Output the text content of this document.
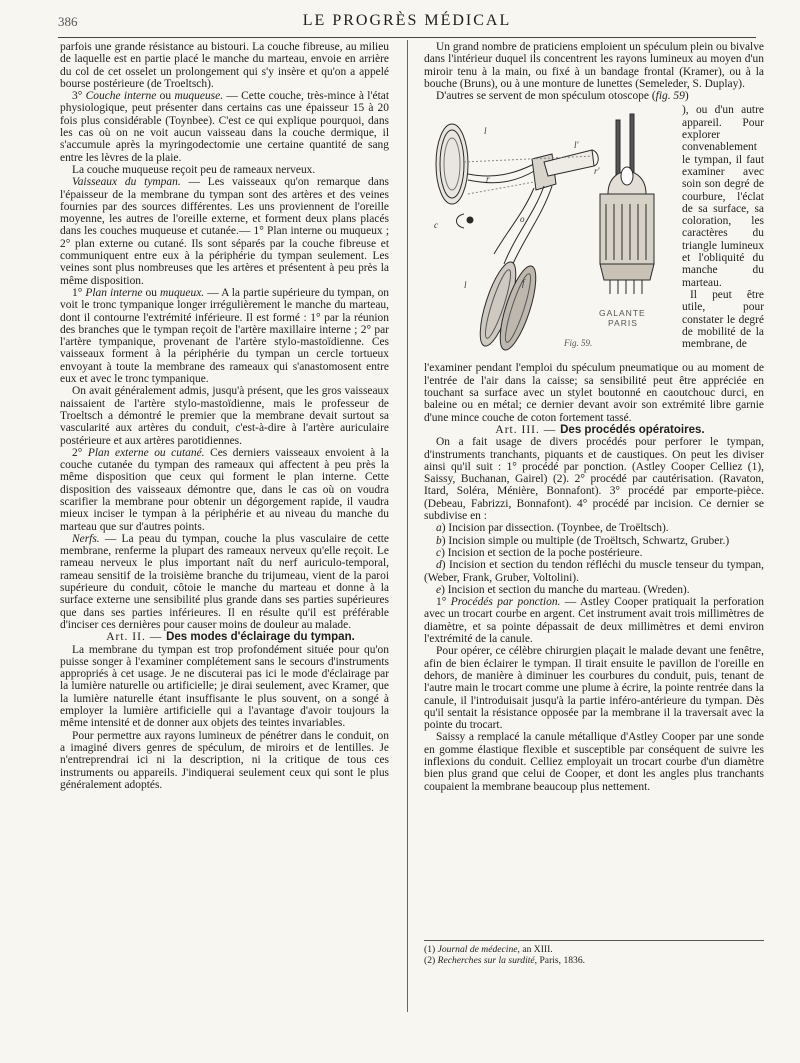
386	LE PROGRÈS MÉDICAL

parfois une grande résistance au bistouri. La couche fibreuse, au milieu de laquelle est en partie placé le manche du marteau, envoie en arrière du col de cet osselet un prolongement qui s'y insère et qu'on a appelé bourse postérieure (de Troeltsch).

3° Couche interne ou muqueuse. — Cette couche, très-mince à l'état physiologique, peut présenter dans certains cas une épaisseur 15 à 20 fois plus considérable (Toynbee). C'est ce qui explique pourquoi, dans les cas où on ne voit aucun vaisseau dans la couche dermique, il s'accumule après la myringodectomie une certaine quantité de sang entre les lèvres de la plaie.

La couche muqueuse reçoit peu de rameaux nerveux.

Vaisseaux du tympan. — Les vaisseaux qu'on remarque dans l'épaisseur de la membrane du tympan sont des artères et des veines fournies par des sources différentes. Les uns proviennent de l'oreille moyenne, les autres de l'oreille externe, et forment deux plans placés dans les couches muqueuse et cutanée.— 1° Plan interne ou muqueux ; 2° plan externe ou cutané. Ils sont séparés par la couche fibreuse et communiquent entre eux à la périphérie du tympan seulement. Les veines sont plus nombreuses que les artères et présentent à peu près la même disposition.

1° Plan interne ou muqueux. — A la partie supérieure du tympan, on voit le tronc tympanique longer irrégulièrement le manche du marteau, dont il contourne l'extrémité inférieure. Il est formé : 1° par la réunion des branches que le tympan reçoit de l'artère maxillaire interne ; 2° par l'artère tympanique, provenant de l'artère stylo-mastoïdienne. Ces vaisseaux forment à la périphérie du tympan un cercle tortueux envoyant à toute la membrane des rameaux qui s'anastomosent entre eux et avec le tronc tympanique.

On avait généralement admis, jusqu'à présent, que les gros vaisseaux naissaient de l'artère stylo-mastoïdienne, mais le professeur de Troeltsch a démontré le premier que la membrane devait surtout sa vascularité aux artères du conduit, c'est-à-dire à l'artère auriculaire postérieure et aux artères parotidiennes.

2° Plan externe ou cutané. Ces derniers vaisseaux envoient à la couche cutanée du tympan des rameaux qui affectent à peu près la même disposition que ceux qui forment le plan interne. Cette disposition des vaisseaux démontre que, dans le cas où on voudra scarifier la membrane pour obtenir un dégorgement rapide, il vaudra mieux inciser le tympan à la périphérie et au niveau du manche du marteau que sur d'autres points.

Nerfs. — La peau du tympan, couche la plus vasculaire de cette membrane, renferme la plupart des rameaux nerveux qu'elle reçoit. Le rameau nerveux le plus important naît du nerf auriculo-temporal, rameau sensitif de la troisième branche du trijumeau, vient de la paroi supérieure du conduit, côtoie le manche du marteau et donne à la surface externe une sensibilité plus grande dans ses parties supérieures que dans ses parties inférieures. Il en résulte qu'il est préférable d'inciser ces dernières pour causer moins de douleur au malade.

Art. II. — Des modes d'éclairage du tympan.

La membrane du tympan est trop profondément située pour qu'on puisse songer à l'examiner complétement sans le secours d'instruments appropriés à cet usage. Je ne discuterai pas ici le mode d'éclairage par la lumière naturelle ou artificielle; je dirai seulement, avec Kramer, que la lumière naturelle étant insuffisante le plus souvent, on a songé à employer la lumière artificielle qui a l'avantage d'avoir toujours la même intensité et de donner aux objets des teintes invariables.

Pour permettre aux rayons lumineux de pénétrer dans le conduit, on a imaginé divers genres de spéculum, de miroirs et de lentilles. Je n'entreprendrai ici ni la description, ni la critique de tous ces instruments ou appareils. J'indiquerai seulement ceux qui sont le plus généralement adoptés.

Un grand nombre de praticiens emploient un spéculum plein ou bivalve dans l'intérieur duquel ils concentrent les rayons lumineux au moyen d'un miroir tenu à la main, ou fixé à un bandage frontal (Kramer), ou à la bouche (Bruns), ou à une monture de lunettes (Semeleder, S. Duplay).

D'autres se servent de mon spéculum otoscope (fig. 59)

l
r
l'
r'
c
o
l	f
GALANTE
PARIS
Fig. 59.

), ou d'un autre appareil. Pour explorer convenablement le tympan, il faut examiner avec soin son degré de courbure, l'éclat de sa surface, sa coloration, les caractères du triangle lumineux et l'obliquité du manche du marteau.

Il peut être utile, pour constater le degré de mobilité de la membrane, de

l'examiner pendant l'emploi du spéculum pneumatique ou au moment de l'entrée de l'air dans la caisse; sa sensibilité peut être appréciée en touchant sa surface avec un stylet boutonné en caoutchouc durci, en baleine ou en métal; ce dernier devant avoir son extrémité libre garnie d'une mince couche de coton fortement tassé.

Art. III. — Des procédés opératoires.

On a fait usage de divers procédés pour perforer le tympan, d'instruments tranchants, piquants et de caustiques. On peut les diviser ainsi qu'il suit : 1° procédé par ponction. (Astley Cooper Celliez (1), Saissy, Buchanan, Gairel) (2). 2° procédé par cautérisation. (Ravaton, Itard, Soléra, Ménière, Bonnafont). 3° procédé par emporte-pièce. (Debeau, Fabrizzi, Bonnafont). 4° procédé par incision. Ce dernier se subdivise en :

a) Incision par dissection. (Toynbee, de Troëltsch).

b) Incision simple ou multiple (de Troëltsch, Schwartz, Gruber.)

c) Incision et section de la poche postérieure.

d) Incision et section du tendon réfléchi du muscle tenseur du tympan, (Weber, Frank, Gruber, Voltolini).

e) Incision et section du manche du marteau. (Wreden).

1° Procédés par ponction. — Astley Cooper pratiquait la perforation avec un trocart courbe en argent. Cet instrument avait trois millimètres de diamètre, et sa pointe dépassait de deux millimètres et demi environ l'extrémité de la canule.

Pour opérer, ce célèbre chirurgien plaçait le malade devant une fenêtre, afin de bien éclairer le tympan. Il tirait ensuite le pavillon de l'oreille en dehors, de manière à diminuer les courbures du conduit, puis, tenant de l'autre main le trocart comme une plume à écrire, la pointe rentrée dans la canule, il l'introduisait jusqu'à la partie inféro-antérieure du tympan. Dès qu'il sentait la résistance opposée par la membrane il la traversait avec la pointe du trocart.

Saissy a remplacé la canule métallique d'Astley Cooper par une sonde en gomme élastique flexible et susceptible par conséquent de suivre les inflexions du conduit. Celliez employait un trocart courbe d'un diamètre bien plus grand que celui de Cooper, et dont les angles plus tranchants coupaient la membrane beaucoup plus nettement.

(1) Journal de médecine, an XIII.

(2) Recherches sur la surdité, Paris, 1836.
